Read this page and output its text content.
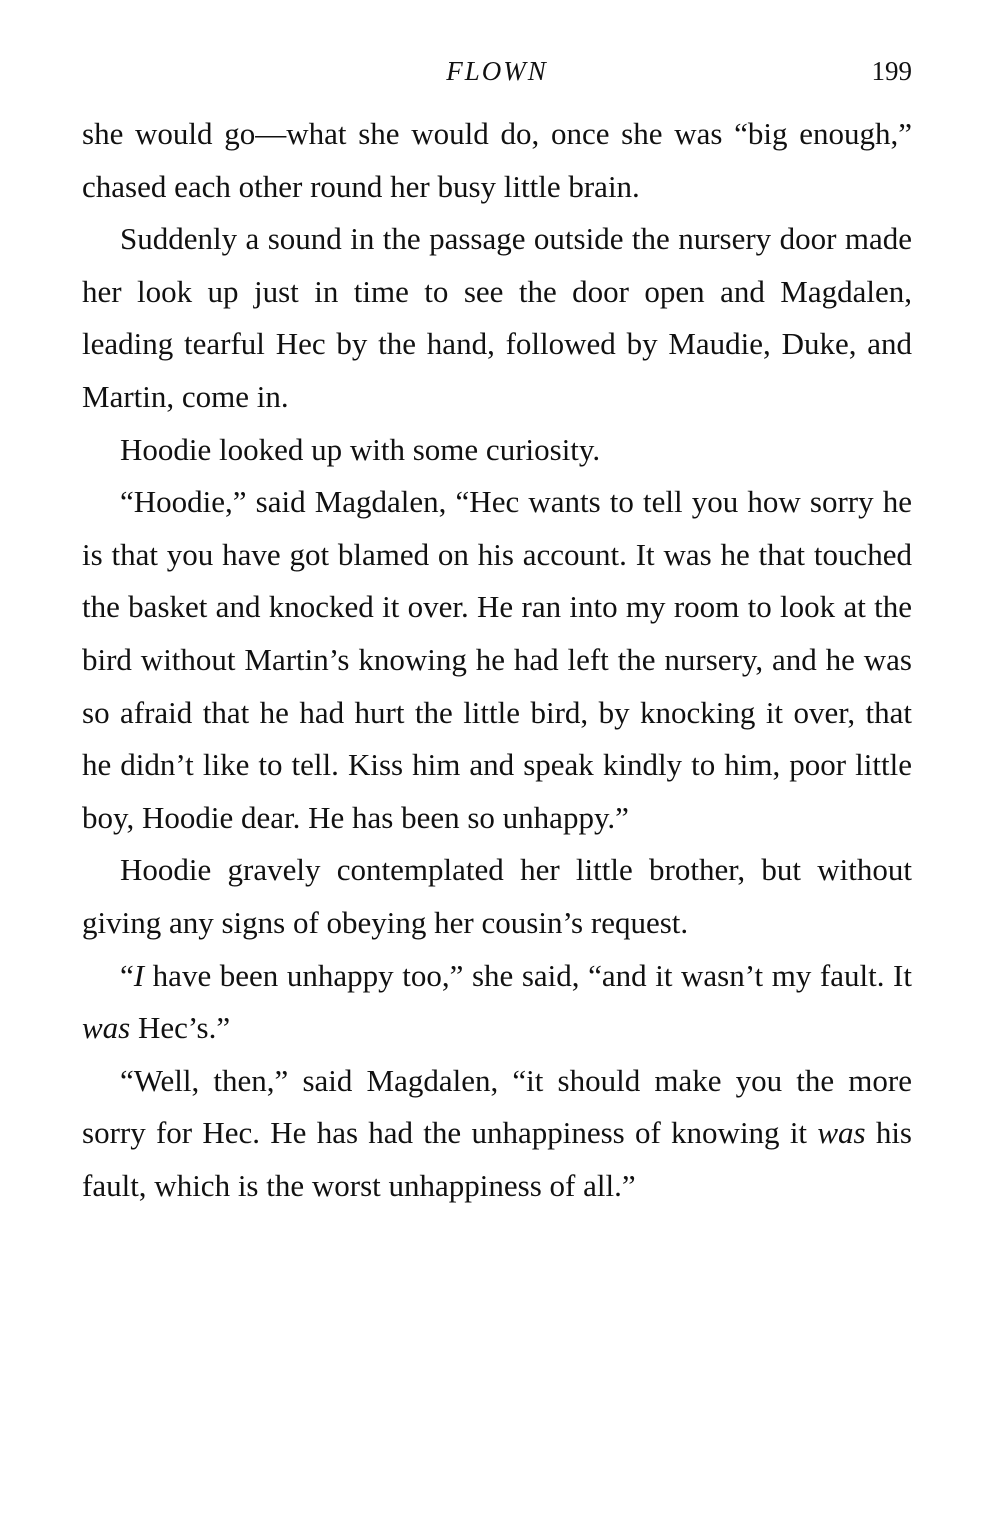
FLOWN	199

she would go—what she would do, once she was “big enough,” chased each other round her busy little brain.

Suddenly a sound in the passage outside the nursery door made her look up just in time to see the door open and Magdalen, leading tearful Hec by the hand, followed by Maudie, Duke, and Martin, come in.

Hoodie looked up with some curiosity.

“Hoodie,” said Magdalen, “Hec wants to tell you how sorry he is that you have got blamed on his account. It was he that touched the basket and knocked it over. He ran into my room to look at the bird without Martin’s knowing he had left the nursery, and he was so afraid that he had hurt the little bird, by knocking it over, that he didn’t like to tell. Kiss him and speak kindly to him, poor little boy, Hoodie dear. He has been so unhappy.”

Hoodie gravely contemplated her little brother, but without giving any signs of obeying her cousin’s request.

“I have been unhappy too,” she said, “and it wasn’t my fault. It was Hec’s.”

“Well, then,” said Magdalen, “it should make you the more sorry for Hec. He has had the unhappiness of knowing it was his fault, which is the worst unhappiness of all.”
